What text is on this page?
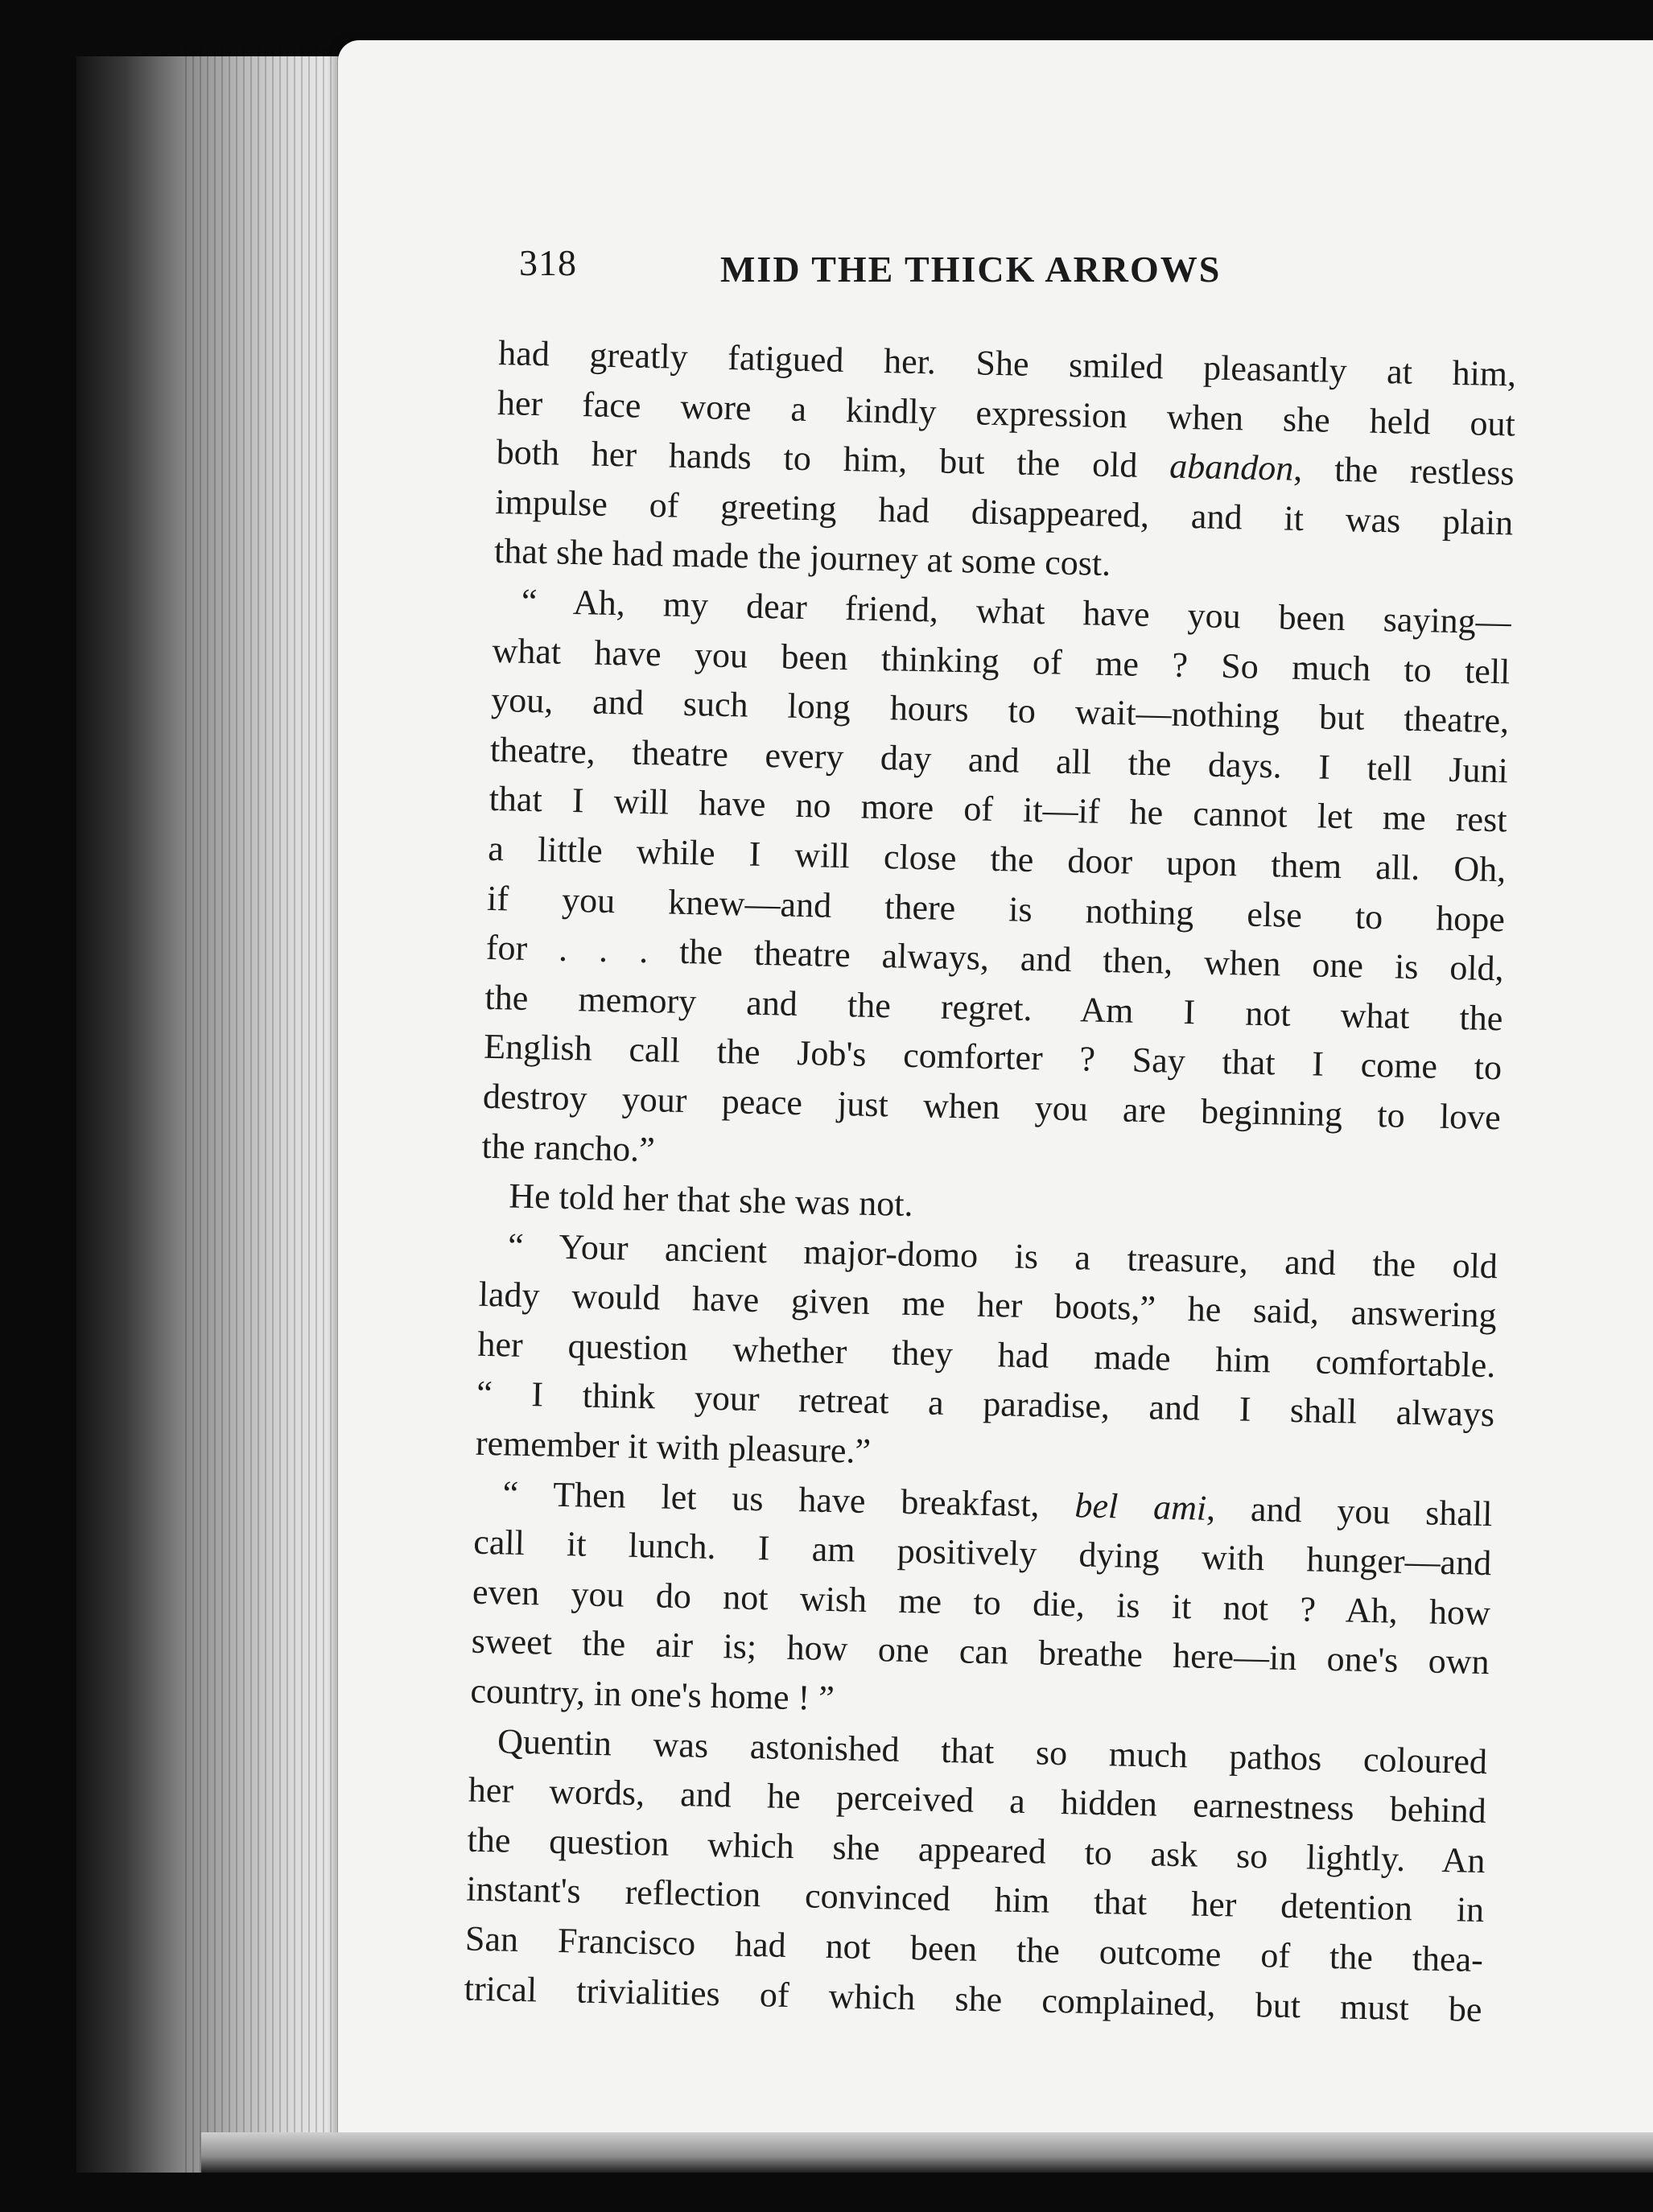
318	MID THE THICK ARROWS
had greatly fatigued her. She smiled pleasantly at him,
her face wore a kindly expression when she held out
both her hands to him, but the old abandon, the restless
impulse of greeting had disappeared, and it was plain
that she had made the journey at some cost.
“ Ah, my dear friend, what have you been saying—
what have you been thinking of me ? So much to tell
you, and such long hours to wait—nothing but theatre,
theatre, theatre every day and all the days. I tell Juni
that I will have no more of it—if he cannot let me rest
a little while I will close the door upon them all. Oh,
if you knew—and there is nothing else to hope
for . . . the theatre always, and then, when one is old,
the memory and the regret. Am I not what the
English call the Job's comforter ? Say that I come to
destroy your peace just when you are beginning to love
the rancho.”
He told her that she was not.
“ Your ancient major-domo is a treasure, and the old
lady would have given me her boots,” he said, answering
her question whether they had made him comfortable.
“ I think your retreat a paradise, and I shall always
remember it with pleasure.”
“ Then let us have breakfast, bel ami, and you shall
call it lunch. I am positively dying with hunger—and
even you do not wish me to die, is it not ? Ah, how
sweet the air is; how one can breathe here—in one's own
country, in one's home ! ”
Quentin was astonished that so much pathos coloured
her words, and he perceived a hidden earnestness behind
the question which she appeared to ask so lightly. An
instant's reflection convinced him that her detention in
San Francisco had not been the outcome of the thea-
trical trivialities of which she complained, but must be
